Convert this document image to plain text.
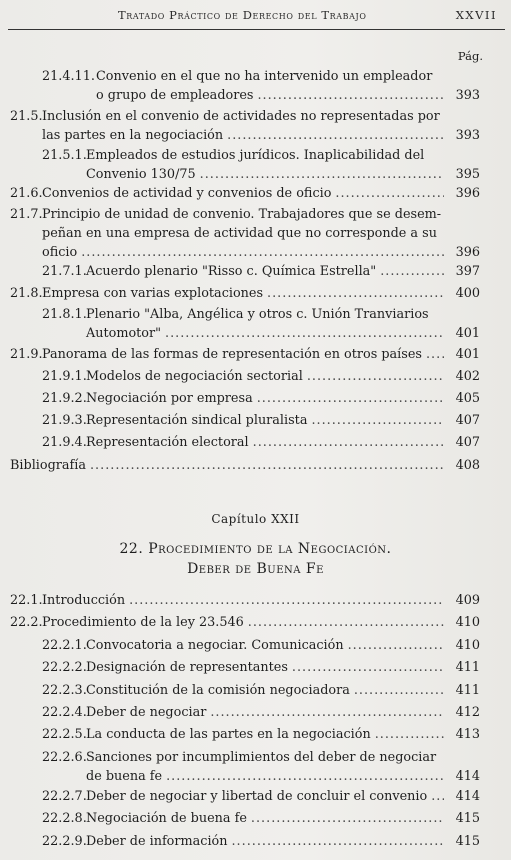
Tratado Práctico de Derecho del Trabajo	XXVII
Pág.
21.4.11. Convenio en el que no ha intervenido un empleador
o grupo de empleadores .....	393
21.5. Inclusión en el convenio de actividades no representadas por
las partes en la negociación .....	393
21.5.1. Empleados de estudios jurídicos. Inaplicabilidad del
Convenio 130/75 .....	395
21.6. Convenios de actividad y convenios de oficio .....	396
21.7. Principio de unidad de convenio. Trabajadores que se desem-
peñan en una empresa de actividad que no corresponde a su
oficio .....	396
21.7.1. Acuerdo plenario "Risso c. Química Estrella" .....	397
21.8. Empresa con varias explotaciones .....	400
21.8.1. Plenario "Alba, Angélica y otros c. Unión Tranviarios
Automotor" .....	401
21.9. Panorama de las formas de representación en otros países .....	401
21.9.1. Modelos de negociación sectorial .....	402
21.9.2. Negociación por empresa .....	405
21.9.3. Representación sindical pluralista .....	407
21.9.4. Representación electoral .....	407
Bibliografía .....	408
Capítulo XXII
22. Procedimiento de la Negociación.
Deber de Buena Fe
22.1. Introducción .....	409
22.2. Procedimiento de la ley 23.546 .....	410
22.2.1. Convocatoria a negociar. Comunicación .....	410
22.2.2. Designación de representantes .....	411
22.2.3. Constitución de la comisión negociadora .....	411
22.2.4. Deber de negociar .....	412
22.2.5. La conducta de las partes en la negociación .....	413
22.2.6. Sanciones por incumplimientos del deber de negociar
de buena fe .....	414
22.2.7. Deber de negociar y libertad de concluir el convenio .....	414
22.2.8. Negociación de buena fe .....	415
22.2.9. Deber de información .....	415
